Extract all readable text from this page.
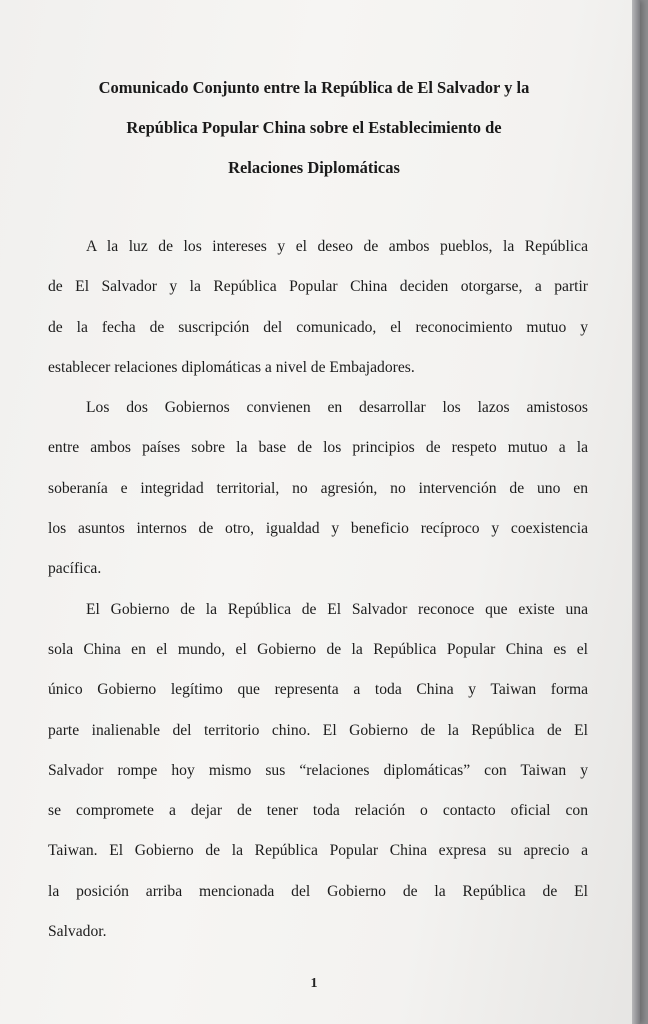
Comunicado Conjunto entre la República de El Salvador y la
República Popular China sobre el Establecimiento de
Relaciones Diplomáticas
A la luz de los intereses y el deseo de ambos pueblos, la República
de El Salvador y la República Popular China deciden otorgarse, a partir
de la fecha de suscripción del comunicado, el reconocimiento mutuo y
establecer relaciones diplomáticas a nivel de Embajadores.
Los dos Gobiernos convienen en desarrollar los lazos amistosos
entre ambos países sobre la base de los principios de respeto mutuo a la
soberanía e integridad territorial, no agresión, no intervención de uno en
los asuntos internos de otro, igualdad y beneficio recíproco y coexistencia
pacífica.
El Gobierno de la República de El Salvador reconoce que existe una
sola China en el mundo, el Gobierno de la República Popular China es el
único Gobierno legítimo que representa a toda China y Taiwan forma
parte inalienable del territorio chino. El Gobierno de la República de El
Salvador rompe hoy mismo sus “relaciones diplomáticas” con Taiwan y
se compromete a dejar de tener toda relación o contacto oficial con
Taiwan. El Gobierno de la República Popular China expresa su aprecio a
la posición arriba mencionada del Gobierno de la República de El
Salvador.
1
